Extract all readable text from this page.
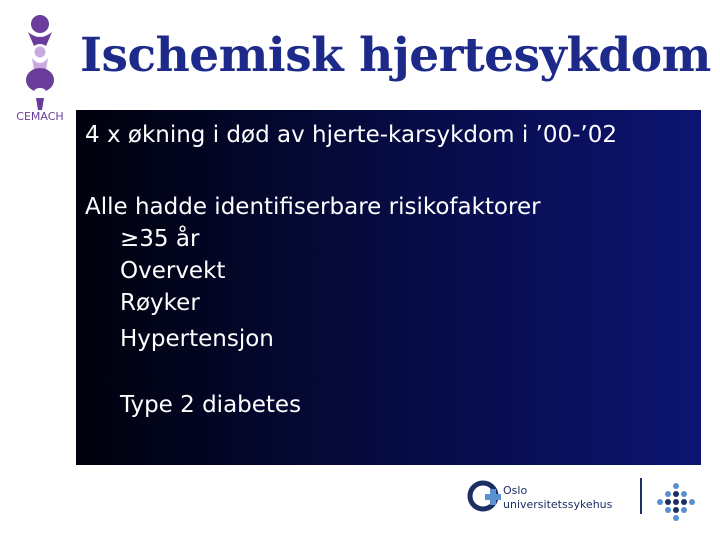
CEMACH
Ischemisk hjertesykdom
4 x økning i død av hjerte-karsykdom i ’00-’02
Alle hadde identifiserbare risikofaktorer
≥35 år
Overvekt
Røyker
Hypertensjon
Type 2 diabetes
Oslo
universitetssykehus
